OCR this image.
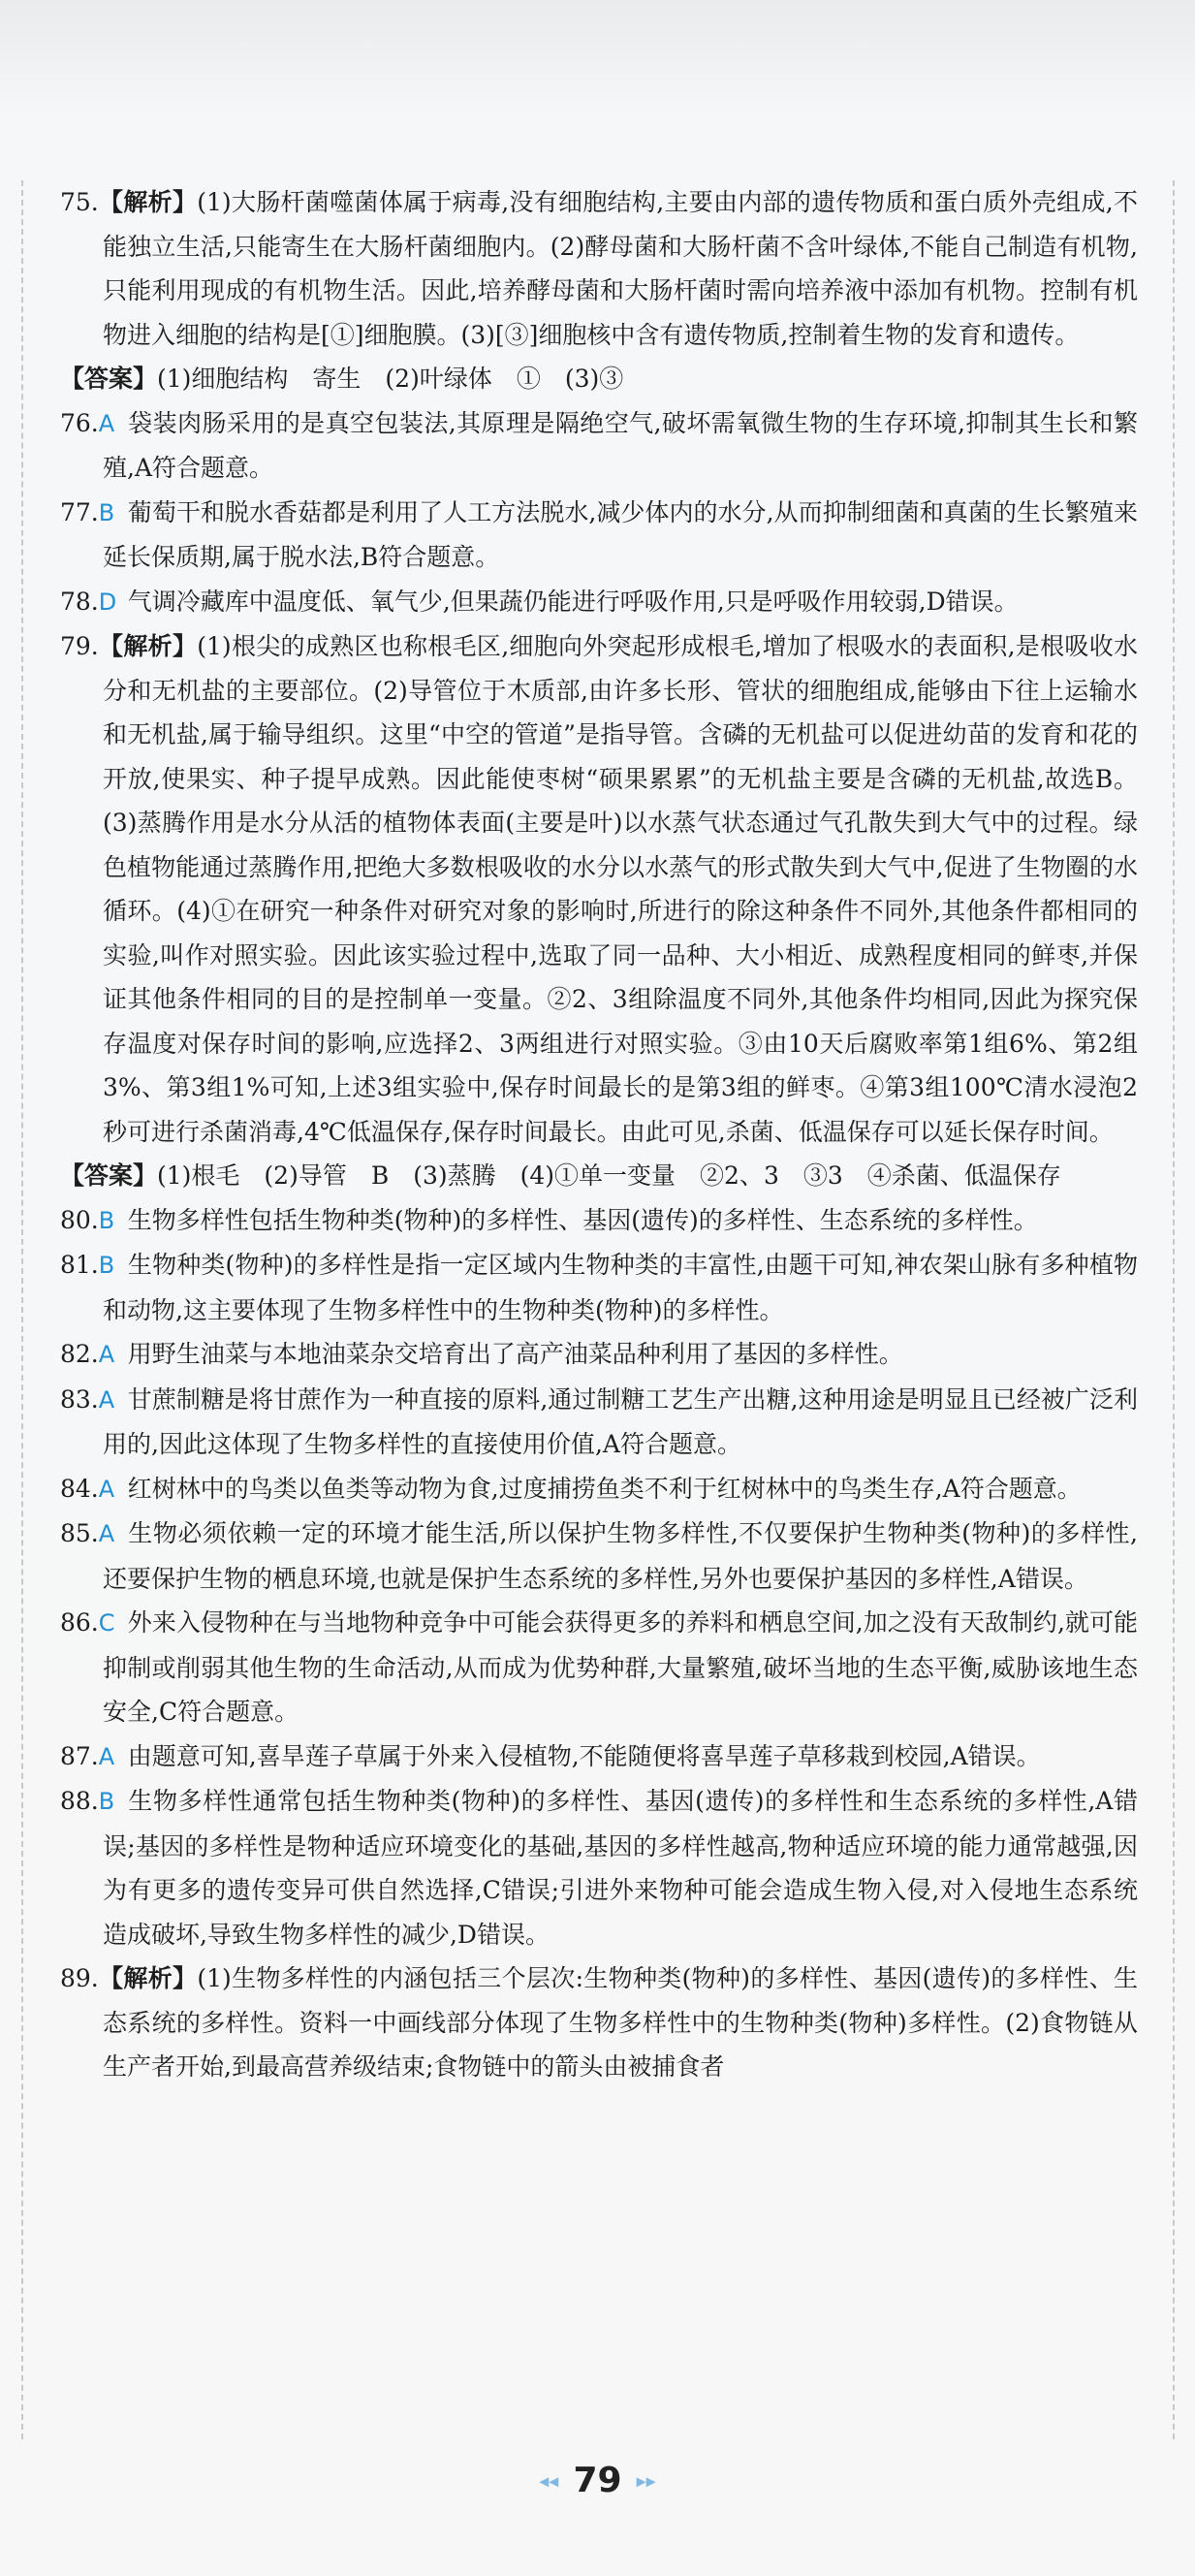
75.【解析】(1)大肠杆菌噬菌体属于病毒,没有细胞结构,主要由内部的遗传物质和蛋白质外壳组成,不能独立生活,只能寄生在大肠杆菌细胞内。(2)酵母菌和大肠杆菌不含叶绿体,不能自己制造有机物,只能利用现成的有机物生活。因此,培养酵母菌和大肠杆菌时需向培养液中添加有机物。控制有机物进入细胞的结构是[①]细胞膜。(3)[③]细胞核中含有遗传物质,控制着生物的发育和遗传。

【答案】(1)细胞结构　寄生　(2)叶绿体　①　(3)③

76.A 袋装肉肠采用的是真空包装法,其原理是隔绝空气,破坏需氧微生物的生存环境,抑制其生长和繁殖,A符合题意。

77.B 葡萄干和脱水香菇都是利用了人工方法脱水,减少体内的水分,从而抑制细菌和真菌的生长繁殖来延长保质期,属于脱水法,B符合题意。

78.D 气调冷藏库中温度低、氧气少,但果蔬仍能进行呼吸作用,只是呼吸作用较弱,D错误。

79.【解析】(1)根尖的成熟区也称根毛区,细胞向外突起形成根毛,增加了根吸水的表面积,是根吸收水分和无机盐的主要部位。(2)导管位于木质部,由许多长形、管状的细胞组成,能够由下往上运输水和无机盐,属于输导组织。这里“中空的管道”是指导管。含磷的无机盐可以促进幼苗的发育和花的开放,使果实、种子提早成熟。因此能使枣树“硕果累累”的无机盐主要是含磷的无机盐,故选B。(3)蒸腾作用是水分从活的植物体表面(主要是叶)以水蒸气状态通过气孔散失到大气中的过程。绿色植物能通过蒸腾作用,把绝大多数根吸收的水分以水蒸气的形式散失到大气中,促进了生物圈的水循环。(4)①在研究一种条件对研究对象的影响时,所进行的除这种条件不同外,其他条件都相同的实验,叫作对照实验。因此该实验过程中,选取了同一品种、大小相近、成熟程度相同的鲜枣,并保证其他条件相同的目的是控制单一变量。②2、3组除温度不同外,其他条件均相同,因此为探究保存温度对保存时间的影响,应选择2、3两组进行对照实验。③由10天后腐败率第1组6%、第2组3%、第3组1%可知,上述3组实验中,保存时间最长的是第3组的鲜枣。④第3组100℃清水浸泡2秒可进行杀菌消毒,4℃低温保存,保存时间最长。由此可见,杀菌、低温保存可以延长保存时间。

【答案】(1)根毛　(2)导管　B　(3)蒸腾　(4)①单一变量　②2、3　③3　④杀菌、低温保存

80.B 生物多样性包括生物种类(物种)的多样性、基因(遗传)的多样性、生态系统的多样性。

81.B 生物种类(物种)的多样性是指一定区域内生物种类的丰富性,由题干可知,神农架山脉有多种植物和动物,这主要体现了生物多样性中的生物种类(物种)的多样性。

82.A 用野生油菜与本地油菜杂交培育出了高产油菜品种利用了基因的多样性。

83.A 甘蔗制糖是将甘蔗作为一种直接的原料,通过制糖工艺生产出糖,这种用途是明显且已经被广泛利用的,因此这体现了生物多样性的直接使用价值,A符合题意。

84.A 红树林中的鸟类以鱼类等动物为食,过度捕捞鱼类不利于红树林中的鸟类生存,A符合题意。

85.A 生物必须依赖一定的环境才能生活,所以保护生物多样性,不仅要保护生物种类(物种)的多样性,还要保护生物的栖息环境,也就是保护生态系统的多样性,另外也要保护基因的多样性,A错误。

86.C 外来入侵物种在与当地物种竞争中可能会获得更多的养料和栖息空间,加之没有天敌制约,就可能抑制或削弱其他生物的生命活动,从而成为优势种群,大量繁殖,破坏当地的生态平衡,威胁该地生态安全,C符合题意。

87.A 由题意可知,喜旱莲子草属于外来入侵植物,不能随便将喜旱莲子草移栽到校园,A错误。

88.B 生物多样性通常包括生物种类(物种)的多样性、基因(遗传)的多样性和生态系统的多样性,A错误;基因的多样性是物种适应环境变化的基础,基因的多样性越高,物种适应环境的能力通常越强,因为有更多的遗传变异可供自然选择,C错误;引进外来物种可能会造成生物入侵,对入侵地生态系统造成破坏,导致生物多样性的减少,D错误。

89.【解析】(1)生物多样性的内涵包括三个层次:生物种类(物种)的多样性、基因(遗传)的多样性、生态系统的多样性。资料一中画线部分体现了生物多样性中的生物种类(物种)多样性。(2)食物链从生产者开始,到最高营养级结束;食物链中的箭头由被捕食者

◂◂ 79 ▸▸
